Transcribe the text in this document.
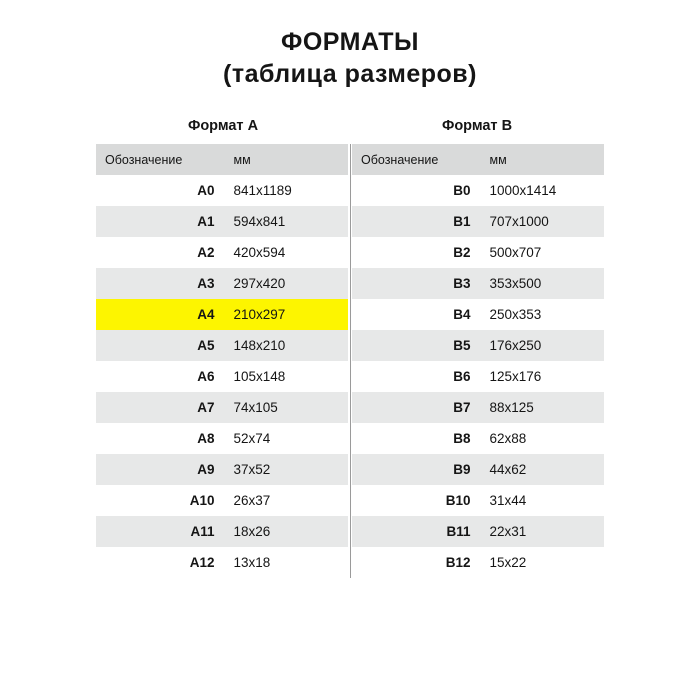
ФОРМАТЫ
(таблица размеров)
Формат А	Формат В
Обозначение	мм		Обозначение	мм
A0	841x1189		B0	1000x1414
A1	594x841		B1	707x1000
A2	420x594		B2	500x707
A3	297x420		B3	353x500
A4	210x297		B4	250x353
A5	148x210		B5	176x250
A6	105x148		B6	125x176
A7	74x105		B7	88x125
A8	52x74		B8	62x88
A9	37x52		B9	44x62
A10	26x37		B10	31x44
A11	18x26		B11	22x31
A12	13x18		B12	15x22
